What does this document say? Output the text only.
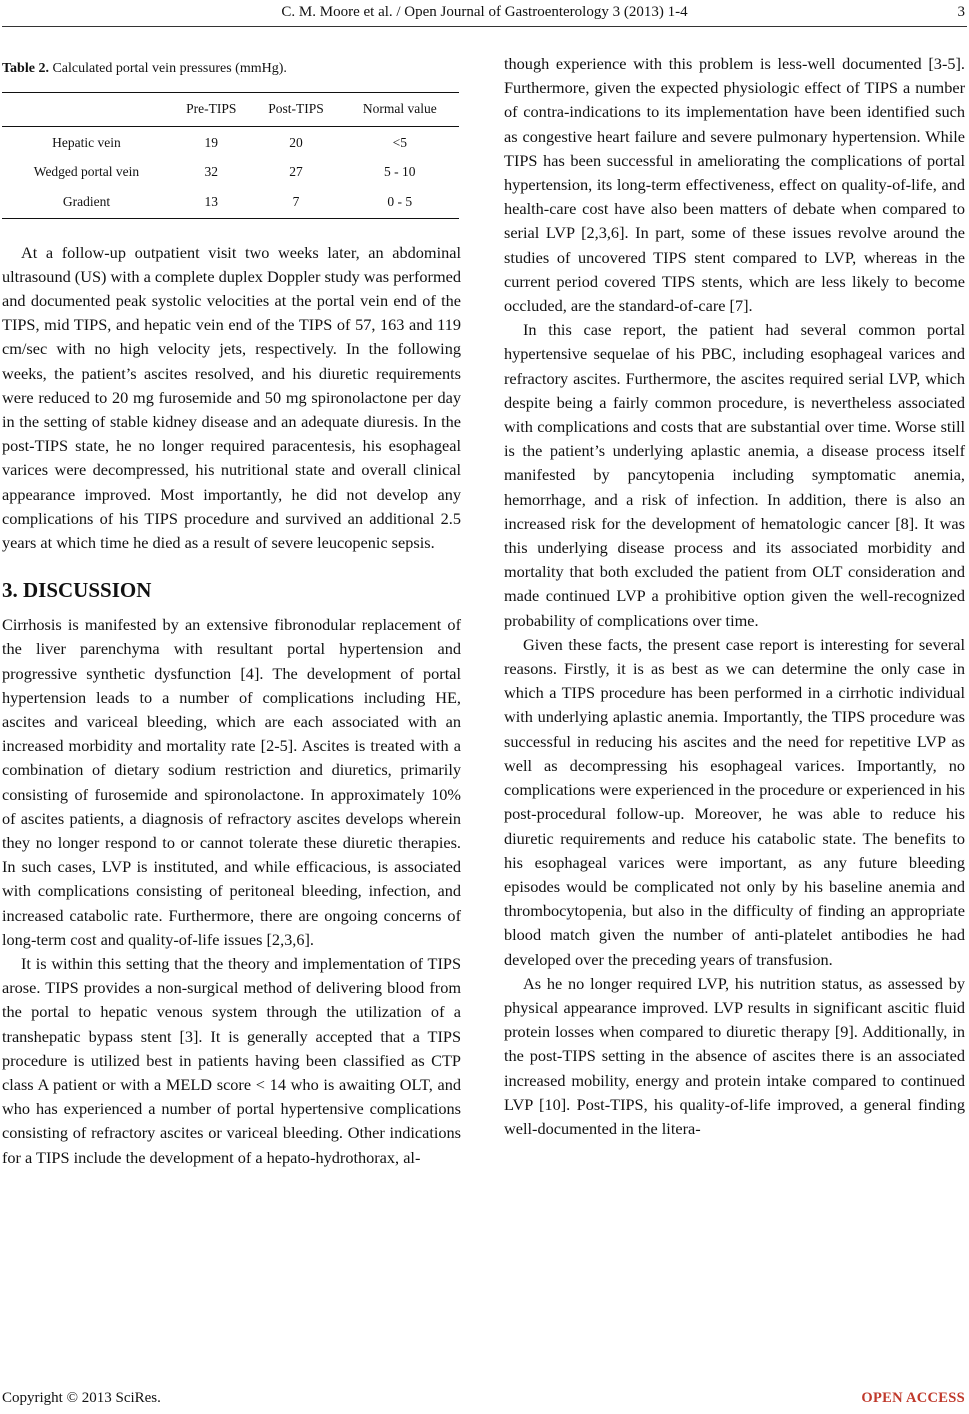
C. M. Moore et al. / Open Journal of Gastroenterology 3 (2013) 1-4	3
Table 2. Calculated portal vein pressures (mmHg).
	Pre-TIPS	Post-TIPS	Normal value
Hepatic vein	19	20	<5
Wedged portal vein	32	27	5 - 10
Gradient	13	7	0 - 5

At a follow-up outpatient visit two weeks later, an abdominal ultrasound (US) with a complete duplex Doppler study was performed and documented peak systolic velocities at the portal vein end of the TIPS, mid TIPS, and hepatic vein end of the TIPS of 57, 163 and 119 cm/sec with no high velocity jets, respectively. In the following weeks, the patient’s ascites resolved, and his diuretic requirements were reduced to 20 mg furosemide and 50 mg spironolactone per day in the setting of stable kidney disease and an adequate diuresis. In the post-TIPS state, he no longer required paracentesis, his esophageal varices were decompressed, his nutritional state and overall clinical appearance improved. Most importantly, he did not develop any complications of his TIPS procedure and survived an additional 2.5 years at which time he died as a result of severe leucopenic sepsis.

3. DISCUSSION

Cirrhosis is manifested by an extensive fibronodular replacement of the liver parenchyma with resultant portal hypertension and progressive synthetic dysfunction [4]. The development of portal hypertension leads to a number of complications including HE, ascites and variceal bleeding, which are each associated with an increased morbidity and mortality rate [2-5]. Ascites is treated with a combination of dietary sodium restriction and diuretics, primarily consisting of furosemide and spironolactone. In approximately 10% of ascites patients, a diagnosis of refractory ascites develops wherein they no longer respond to or cannot tolerate these diuretic therapies. In such cases, LVP is instituted, and while efficacious, is associated with complications consisting of peritoneal bleeding, infection, and increased catabolic rate. Furthermore, there are ongoing concerns of long-term cost and quality-of-life issues [2,3,6].

It is within this setting that the theory and implementation of TIPS arose. TIPS provides a non-surgical method of delivering blood from the portal to hepatic venous system through the utilization of a transhepatic bypass stent [3]. It is generally accepted that a TIPS procedure is utilized best in patients having been classified as CTP class A patient or with a MELD score < 14 who is awaiting OLT, and who has experienced a number of portal hypertensive complications consisting of refractory ascites or variceal bleeding. Other indications for a TIPS include the development of a hepato-hydrothorax, al-

though experience with this problem is less-well documented [3-5]. Furthermore, given the expected physiologic effect of TIPS a number of contra-indications to its implementation have been identified such as congestive heart failure and severe pulmonary hypertension. While TIPS has been successful in ameliorating the complications of portal hypertension, its long-term effectiveness, effect on quality-of-life, and health-care cost have also been matters of debate when compared to serial LVP [2,3,6]. In part, some of these issues revolve around the studies of uncovered TIPS stent compared to LVP, whereas in the current period covered TIPS stents, which are less likely to become occluded, are the standard-of-care [7].

In this case report, the patient had several common portal hypertensive sequelae of his PBC, including esophageal varices and refractory ascites. Furthermore, the ascites required serial LVP, which despite being a fairly common procedure, is nevertheless associated with complications and costs that are substantial over time. Worse still is the patient’s underlying aplastic anemia, a disease process itself manifested by pancytopenia including symptomatic anemia, hemorrhage, and a risk of infection. In addition, there is also an increased risk for the development of hematologic cancer [8]. It was this underlying disease process and its associated morbidity and mortality that both excluded the patient from OLT consideration and made continued LVP a prohibitive option given the well-recognized probability of complications over time.

Given these facts, the present case report is interesting for several reasons. Firstly, it is as best as we can determine the only case in which a TIPS procedure has been performed in a cirrhotic individual with underlying aplastic anemia. Importantly, the TIPS procedure was successful in reducing his ascites and the need for repetitive LVP as well as decompressing his esophageal varices. Importantly, no complications were experienced in the procedure or experienced in his post-procedural follow-up. Moreover, he was able to reduce his diuretic requirements and reduce his catabolic state. The benefits to his esophageal varices were important, as any future bleeding episodes would be complicated not only by his baseline anemia and thrombocytopenia, but also in the difficulty of finding an appropriate blood match given the number of anti-platelet antibodies he had developed over the preceding years of transfusion.

As he no longer required LVP, his nutrition status, as assessed by physical appearance improved. LVP results in significant ascitic fluid protein losses when compared to diuretic therapy [9]. Additionally, in the post-TIPS setting in the absence of ascites there is an associated increased mobility, energy and protein intake compared to continued LVP [10]. Post-TIPS, his quality-of-life improved, a general finding well-documented in the litera-

Copyright © 2013 SciRes.	OPEN ACCESS
